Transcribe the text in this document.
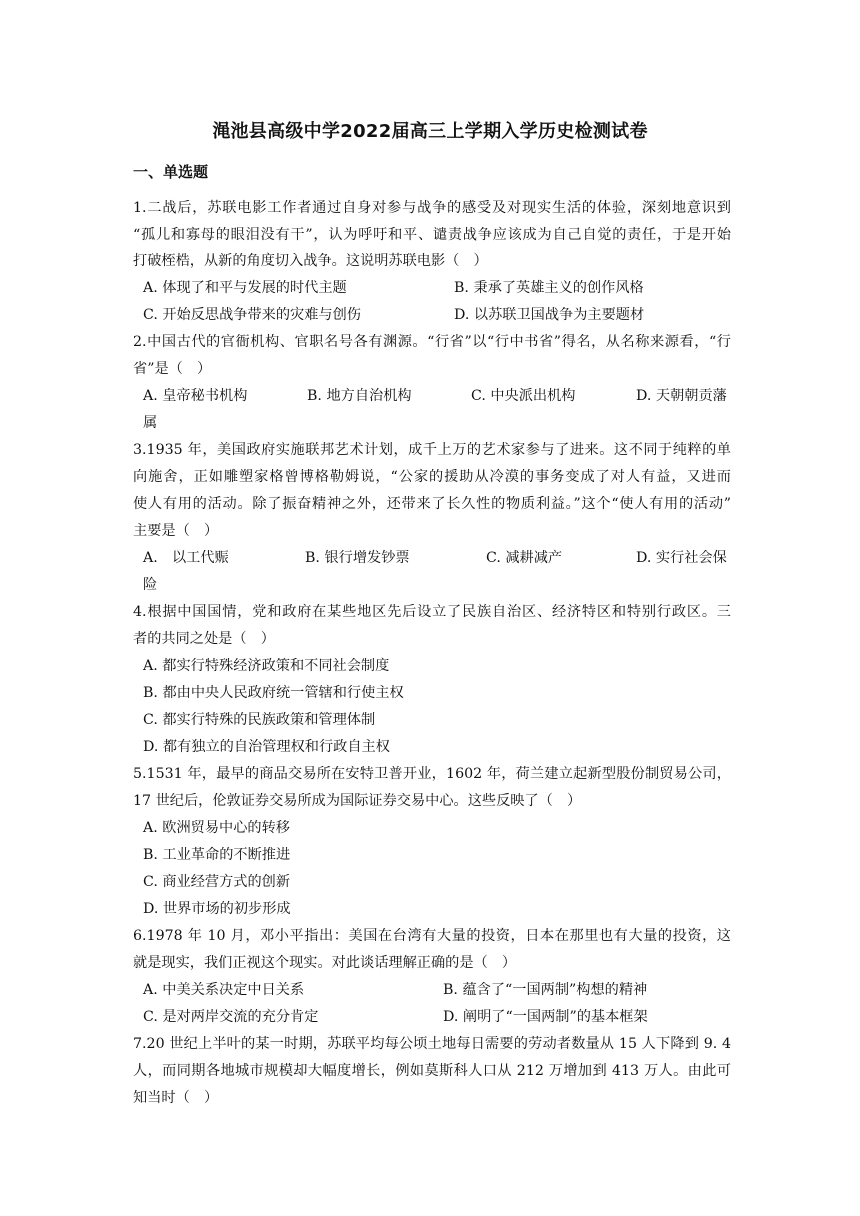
渑池县高级中学2022届高三上学期入学历史检测试卷
一、单选题
1.二战后，苏联电影工作者通过自身对参与战争的感受及对现实生活的体验，深刻地意识到
“孤儿和寡母的眼泪没有干”，认为呼吁和平、谴责战争应该成为自己自觉的责任，于是开始
打破桎梏，从新的角度切入战争。这说明苏联电影（　）
A. 体现了和平与发展的时代主题	B. 秉承了英雄主义的创作风格
C. 开始反思战争带来的灾难与创伤	D. 以苏联卫国战争为主要题材
2.中国古代的官衙机构、官职名号各有渊源。“行省”以“行中书省”得名，从名称来源看，“行
省”是（　）
A. 皇帝秘书机构	B. 地方自治机构	C. 中央派出机构	D. 天朝朝贡藩
属
3.1935 年，美国政府实施联邦艺术计划，成千上万的艺术家参与了进来。这不同于纯粹的单
向施舍，正如雕塑家格曾博格勒姆说，“公家的援助从冷漠的事务变成了对人有益，又进而
使人有用的活动。除了振奋精神之外，还带来了长久性的物质利益。”这个“使人有用的活动”
主要是（　）
A.　以工代赈	B. 银行增发钞票	C. 减耕减产	D. 实行社会保
险
4.根据中国国情，党和政府在某些地区先后设立了民族自治区、经济特区和特别行政区。三
者的共同之处是（　）
A. 都实行特殊经济政策和不同社会制度
B. 都由中央人民政府统一管辖和行使主权
C. 都实行特殊的民族政策和管理体制
D. 都有独立的自治管理权和行政自主权
5.1531 年，最早的商品交易所在安特卫普开业，1602 年，荷兰建立起新型股份制贸易公司，
17 世纪后，伦敦证券交易所成为国际证券交易中心。这些反映了（　）
A. 欧洲贸易中心的转移
B. 工业革命的不断推进
C. 商业经营方式的创新
D. 世界市场的初步形成
6.1978 年 10 月，邓小平指出：美国在台湾有大量的投资，日本在那里也有大量的投资，这
就是现实，我们正视这个现实。对此谈话理解正确的是（　）
A. 中美关系决定中日关系	B. 蕴含了“一国两制”构想的精神
C. 是对两岸交流的充分肯定	D. 阐明了“一国两制”的基本框架
7.20 世纪上半叶的某一时期，苏联平均每公顷土地每日需要的劳动者数量从 15 人下降到 9. 4
人，而同期各地城市规模却大幅度增长，例如莫斯科人口从 212 万增加到 413 万人。由此可
知当时（　）
